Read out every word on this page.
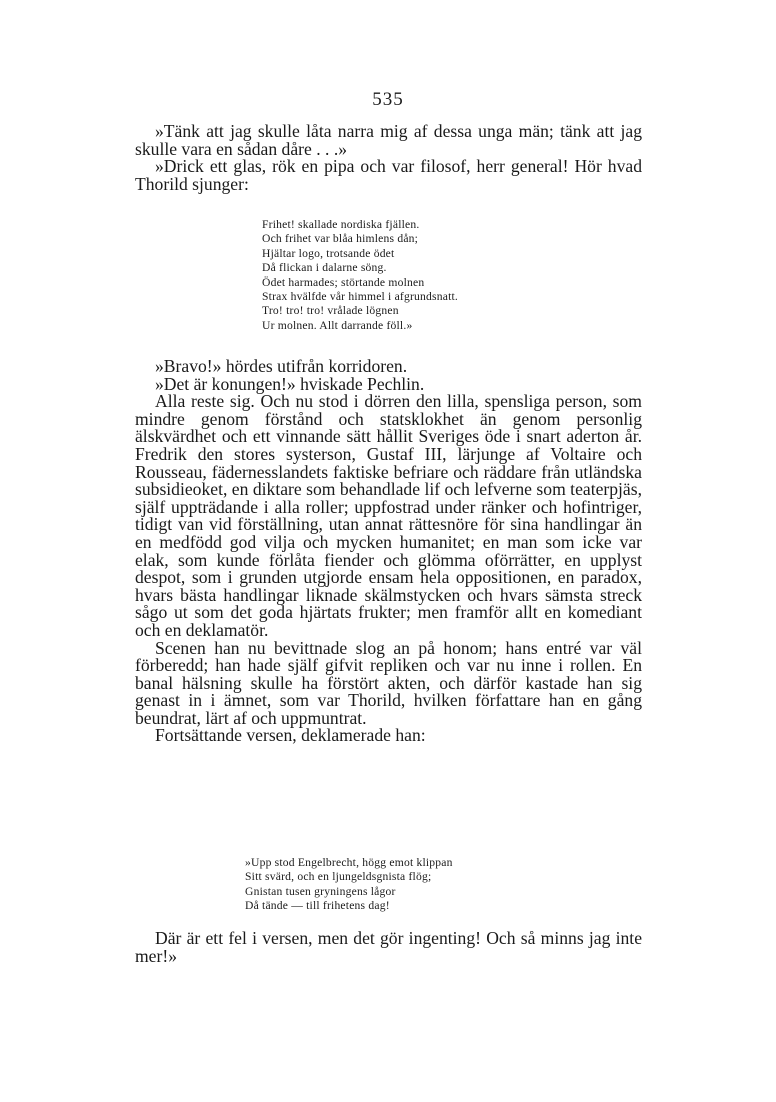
535

»Tänk att jag skulle låta narra mig af dessa unga män; tänk att jag skulle vara en sådan dåre . . .»

»Drick ett glas, rök en pipa och var filosof, herr general! Hör hvad Thorild sjunger:

Frihet! skallade nordiska fjällen.
Och frihet var blåa himlens dån;
Hjältar logo, trotsande ödet
Då flickan i dalarne söng.
Ödet harmades; störtande molnen
Strax hvälfde vår himmel i afgrundsnatt.
Tro! tro! tro! vrålade lögnen
Ur molnen. Allt darrande föll.»

»Bravo!» hördes utifrån korridoren.

»Det är konungen!» hviskade Pechlin.

Alla reste sig. Och nu stod i dörren den lilla, spensliga person, som mindre genom förstånd och statsklokhet än genom personlig älskvärdhet och ett vinnande sätt hållit Sveriges öde i snart aderton år. Fredrik den stores systerson, Gustaf III, lärjunge af Voltaire och Rousseau, fädernesslandets faktiske befriare och räddare från utländska subsidieoket, en diktare som behandlade lif och lefverne som teaterpjäs, själf uppträdande i alla roller; uppfostrad under ränker och hofintriger, tidigt van vid förställning, utan annat rättesnöre för sina handlingar än en medfödd god vilja och mycken humanitet; en man som icke var elak, som kunde förlåta fiender och glömma oförrätter, en upplyst despot, som i grunden utgjorde ensam hela oppositionen, en paradox, hvars bästa handlingar liknade skälmstycken och hvars sämsta streck sågo ut som det goda hjärtats frukter; men framför allt en komediant och en deklamatör.

Scenen han nu bevittnade slog an på honom; hans entré var väl förberedd; han hade själf gifvit repliken och var nu inne i rollen. En banal hälsning skulle ha förstört akten, och därför kastade han sig genast in i ämnet, som var Thorild, hvilken författare han en gång beundrat, lärt af och uppmuntrat.

Fortsättande versen, deklamerade han:

»Upp stod Engelbrecht, högg emot klippan
Sitt svärd, och en ljungeldsgnista flög;
Gnistan tusen gryningens lågor
Då tände — till frihetens dag!

Där är ett fel i versen, men det gör ingenting! Och så minns jag inte mer!»
